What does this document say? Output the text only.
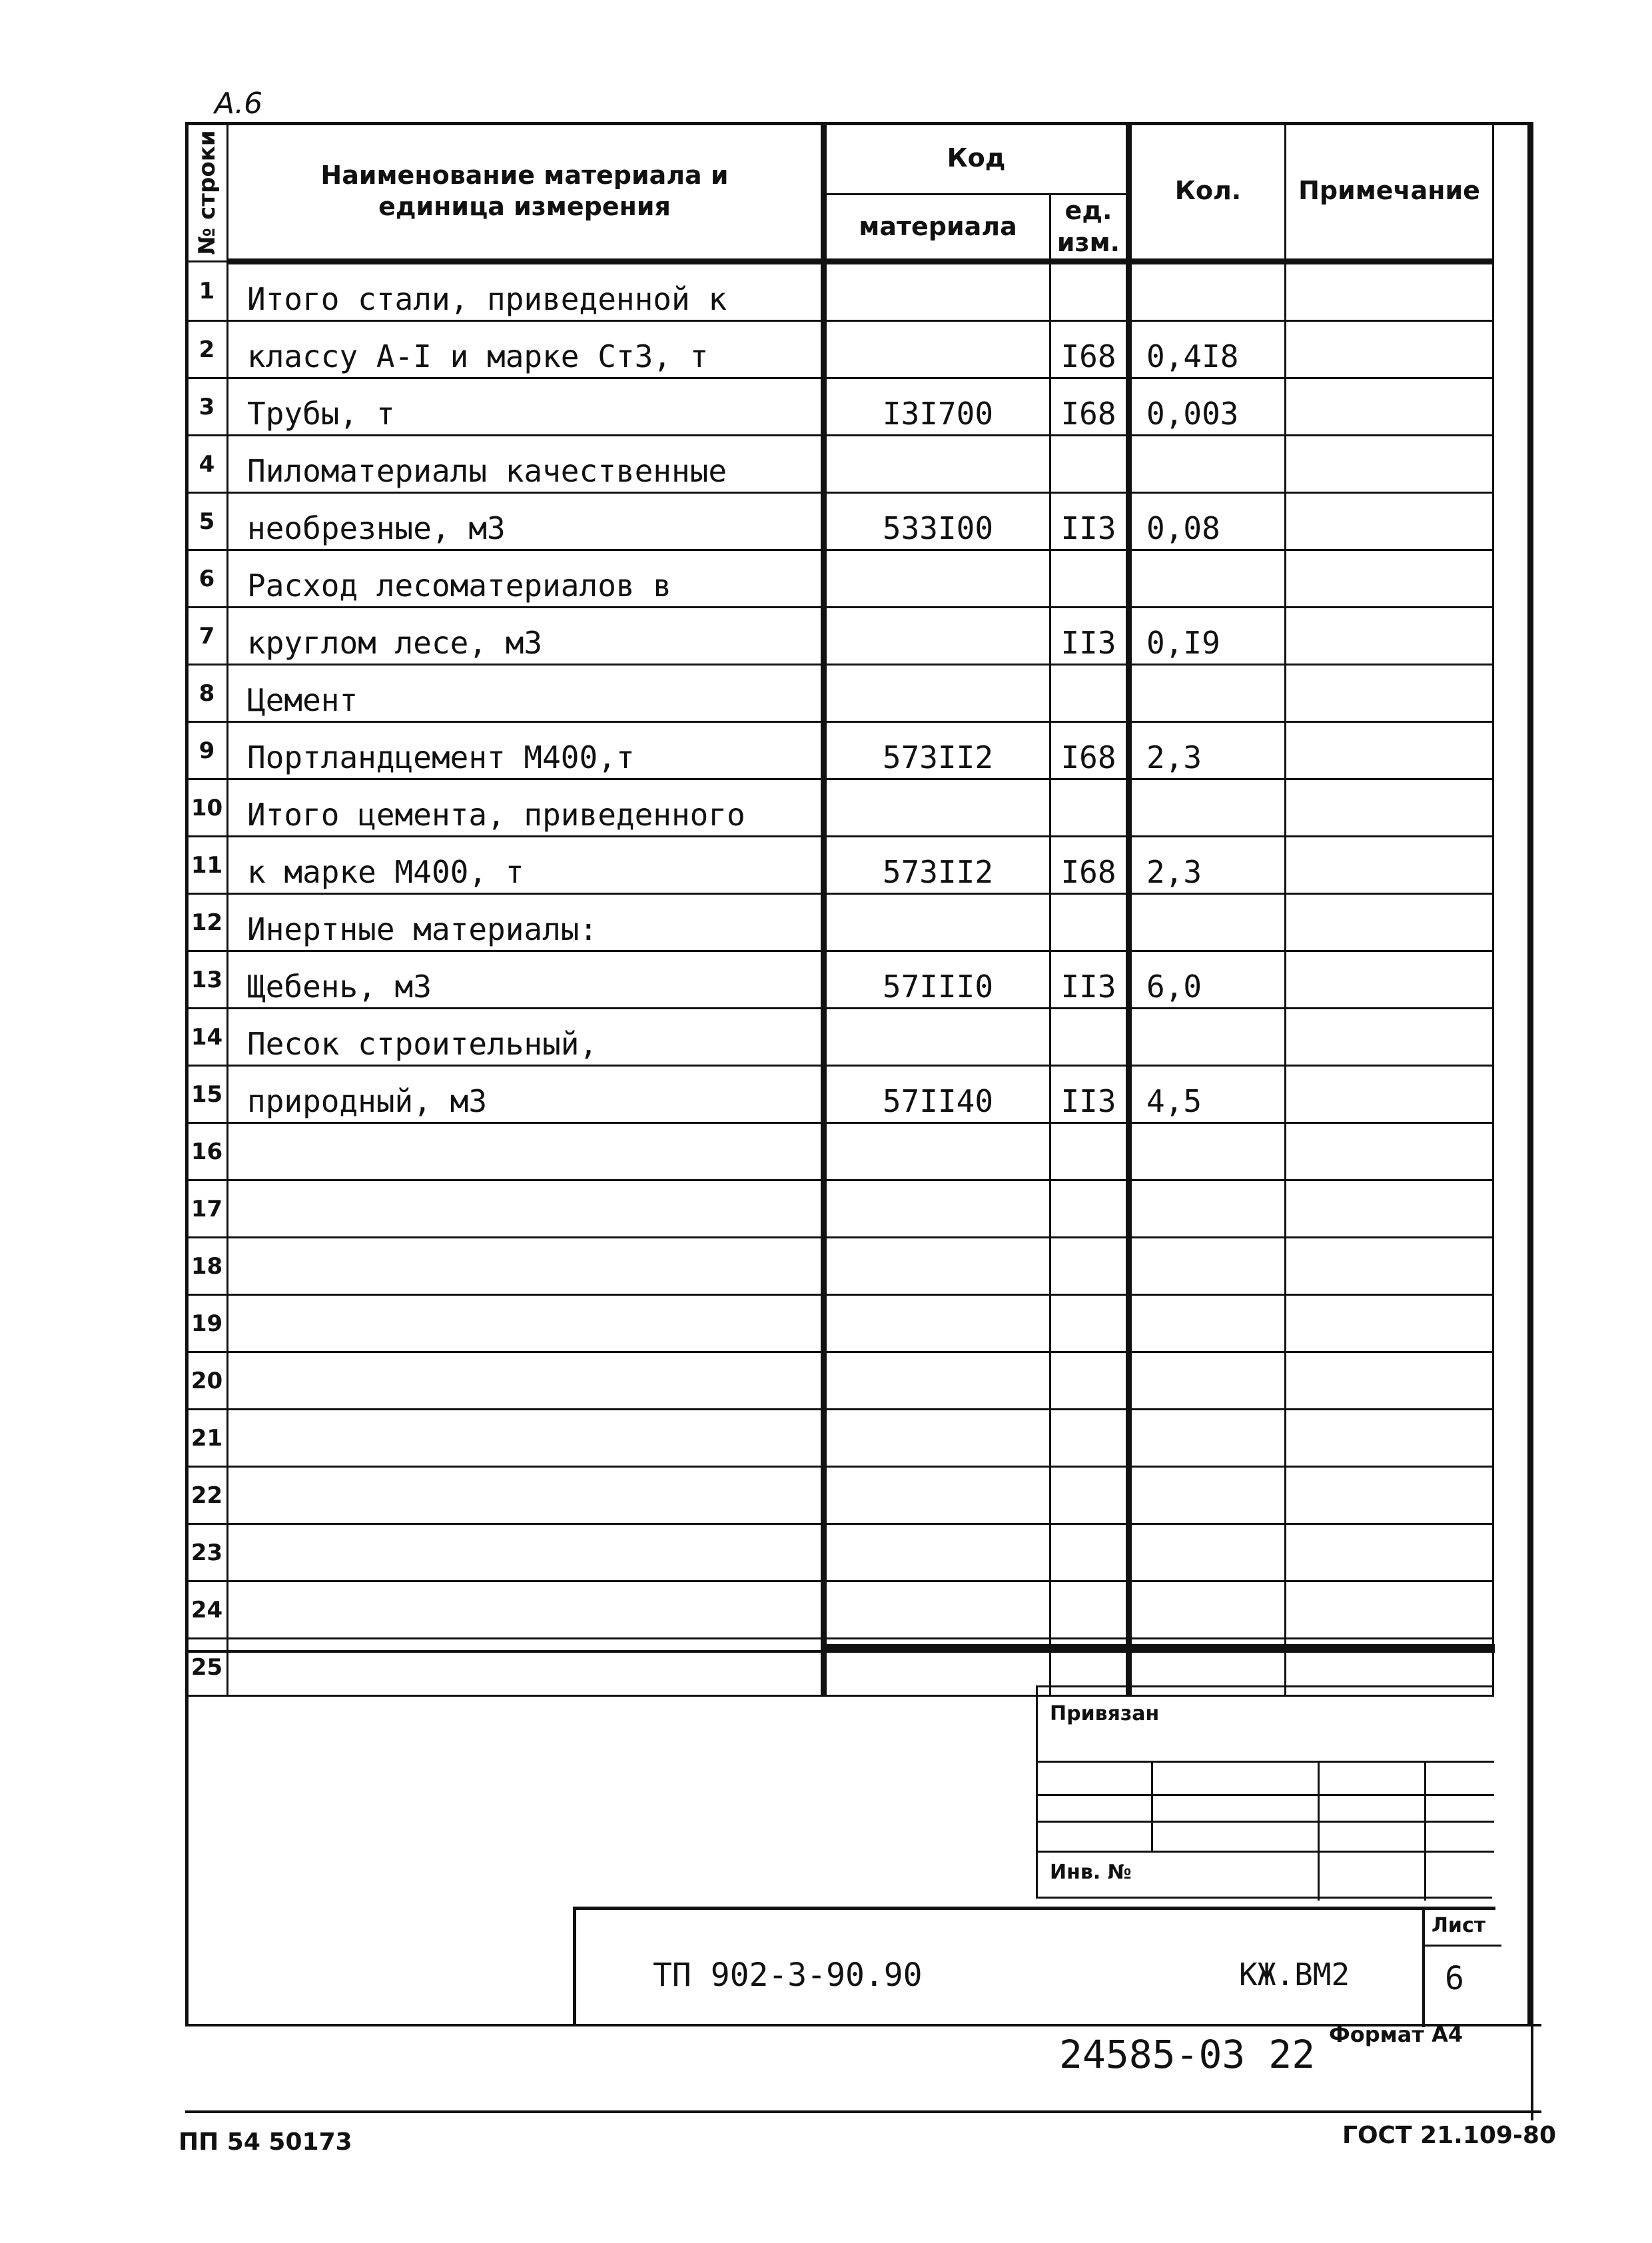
А.6
№ строки	Наименование материала и единица измерения	Код		Кол.	Примечание
		материала	ед. изм.		
1	Итого стали, приведенной к				
2	классу А-I и марке Ст3, т		I68	0,4I8	
3	Трубы, т	I3I700	I68	0,003	
4	Пиломатериалы качественные				
5	необрезные, м3	533I00	II3	0,08	
6	Расход лесоматериалов в				
7	круглом лесе, м3		II3	0,I9	
8	Цемент				
9	Портландцемент М400,т	573II2	I68	2,3	
10	Итого цемента, приведенного				
11	к марке М400, т	573II2	I68	2,3	
12	Инертные материалы:				
13	Щебень, м3	57III0	II3	6,0	
14	Песок строительный,				
15	природный, м3	57II40	II3	4,5	
16					
17					
18					
19					
20					
21					
22					
23					
24					
25					
Привязан
Инв. №
ТП 902-3-90.90	КЖ.ВМ2
Лист
6
24585-03 22 Формат А4
ПП 54 50173	ГОСТ 21.109-80
